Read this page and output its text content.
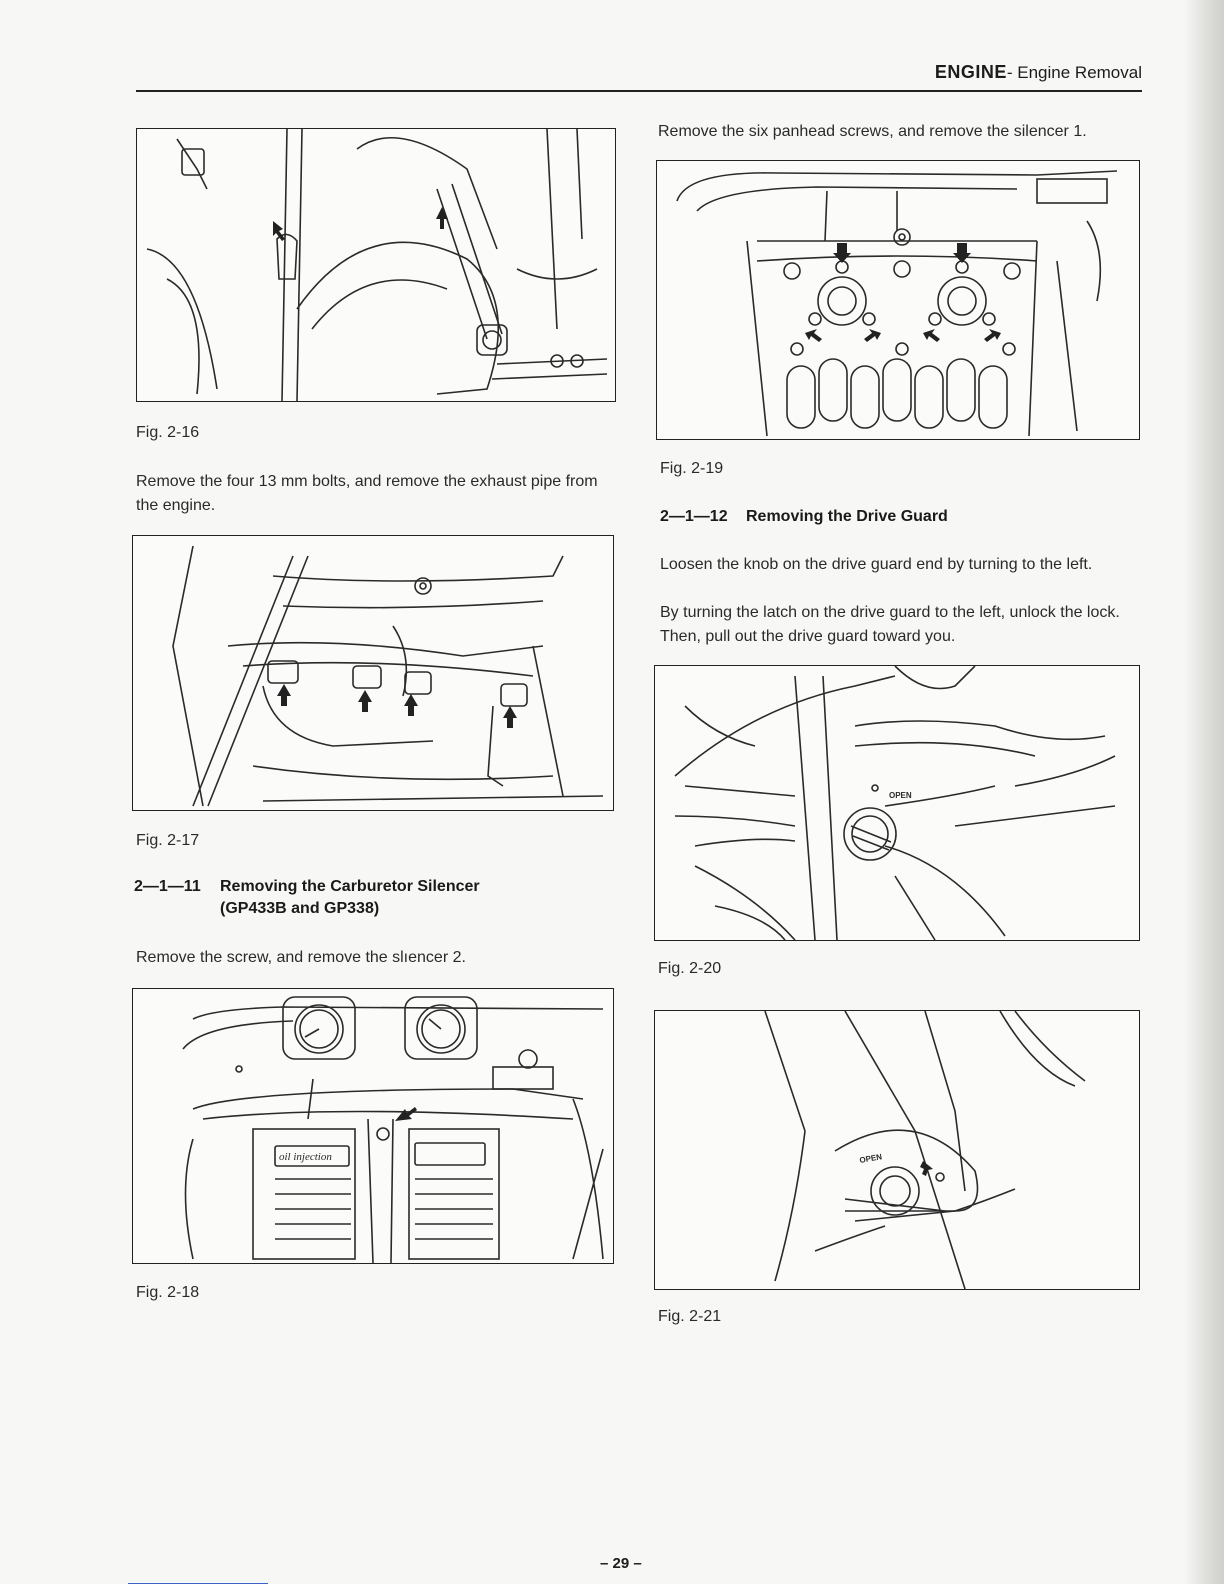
ENGINE- Engine Removal
Fig. 2-16
Remove the four 13 mm bolts, and remove the exhaust pipe from the engine.
Fig. 2-17
2—1—11 Removing the Carburetor Silencer
(GP433B and GP338)
Remove the screw, and remove the slıencer 2.
oil injection
Fig. 2-18
Remove the six panhead screws, and remove the silencer 1.
Fig. 2-19
2—1—12 Removing the Drive Guard
Loosen the knob on the drive guard end by turning to the left.
By turning the latch on the drive guard to the left, unlock the lock. Then, pull out the drive guard toward you.
OPEN
Fig. 2-20
OPEN
Fig. 2-21
– 29 –
